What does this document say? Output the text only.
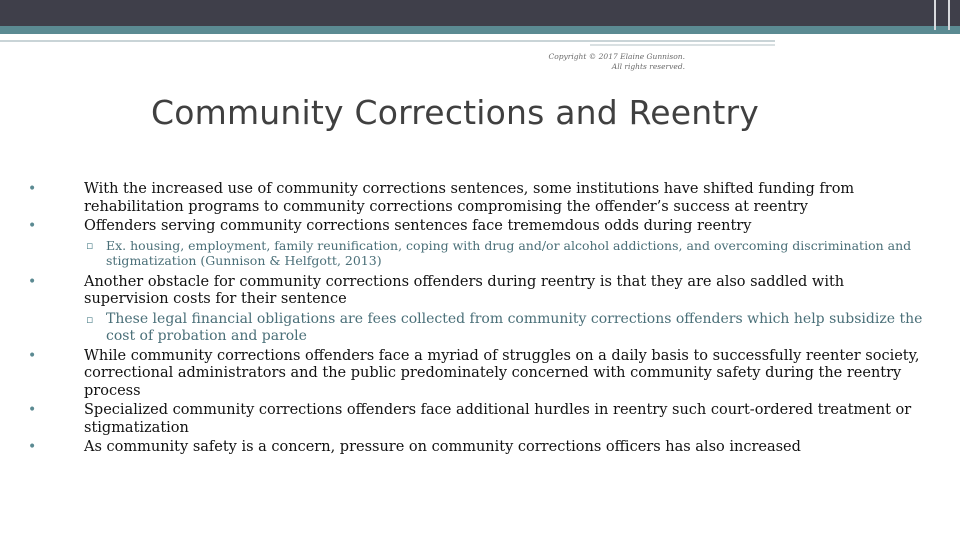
Copyright © 2017 Elaine Gunnison.
All rights reserved.
Community Corrections and Reentry
•	With the increased use of community corrections sentences, some institutions have shifted funding from rehabilitation programs to community corrections compromising the offender’s success at reentry
•	Offenders serving community corrections sentences face trememdous odds during reentry
▫ Ex. housing, employment, family reunification, coping with drug and/or alcohol addictions, and overcoming discrimination and stigmatization (Gunnison & Helfgott, 2013)
•	Another obstacle for community corrections offenders during reentry is that they are also saddled with supervision costs for their sentence
▫ These legal financial obligations are fees collected from community corrections offenders which help subsidize the cost of probation and parole
•	While community corrections offenders face a myriad of struggles on a daily basis to successfully reenter society, correctional administrators and the public predominately concerned with community safety during the reentry process
•	Specialized community corrections offenders face additional hurdles in reentry such court-ordered treatment or stigmatization
•	As community safety is a concern, pressure on community corrections officers has also increased
